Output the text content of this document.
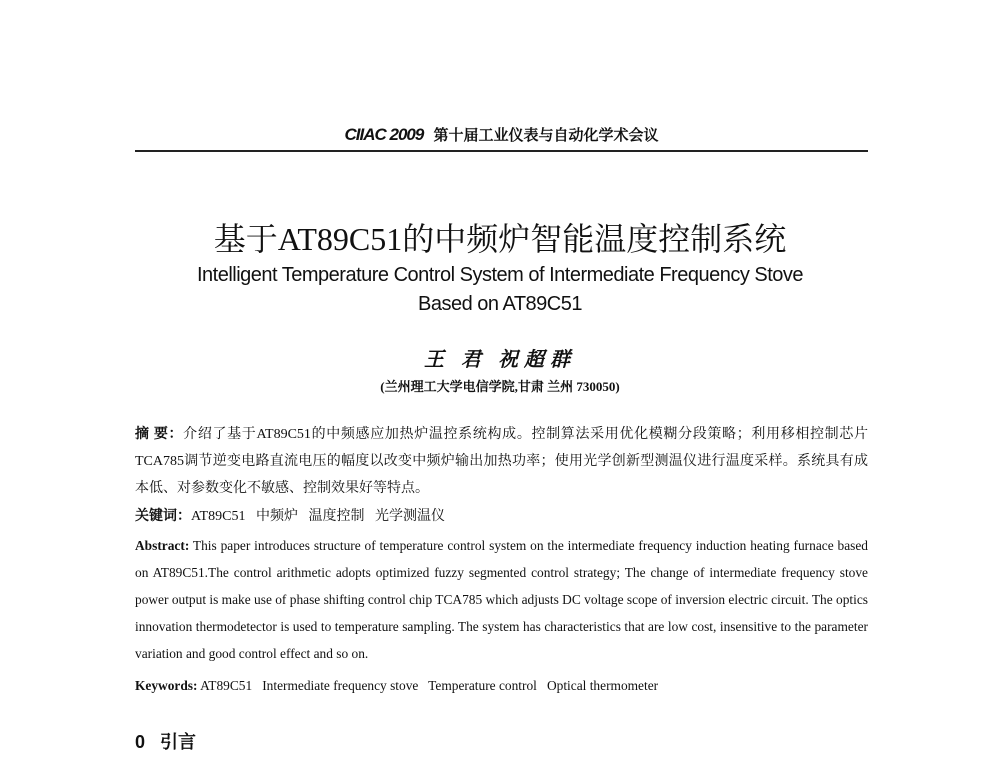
CIIAC 2009 第十届工业仪表与自动化学术会议
基于AT89C51的中频炉智能温度控制系统
Intelligent Temperature Control System of Intermediate Frequency Stove
Based on AT89C51
王 君 祝超群
(兰州理工大学电信学院,甘肃 兰州 730050)
摘 要：介绍了基于AT89C51的中频感应加热炉温控系统构成。控制算法采用优化模糊分段策略；利用移相控制芯片TCA785调节逆变电路直流电压的幅度以改变中频炉输出加热功率；使用光学创新型测温仪进行温度采样。系统具有成本低、对参数变化不敏感、控制效果好等特点。
关键词：AT89C51   中频炉   温度控制   光学测温仪
Abstract: This paper introduces structure of temperature control system on the intermediate frequency induction heating furnace based on AT89C51.The control arithmetic adopts optimized fuzzy segmented control strategy; The change of intermediate frequency stove power output is make use of phase shifting control chip TCA785 which adjusts DC voltage scope of inversion electric circuit. The optics innovation thermodetector is used to temperature sampling. The system has characteristics that are low cost, insensitive to the parameter variation and good control effect and so on.
Keywords: AT89C51   Intermediate frequency stove   Temperature control   Optical thermometer
0 引言
